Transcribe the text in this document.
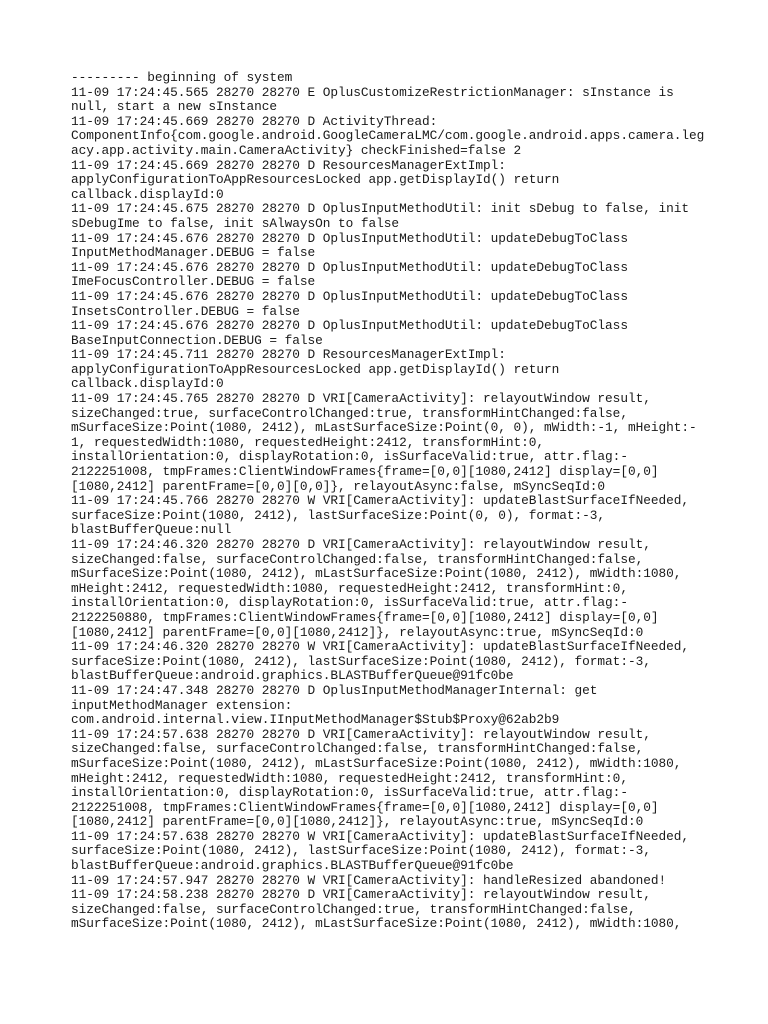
--------- beginning of system
11-09 17:24:45.565 28270 28270 E OplusCustomizeRestrictionManager: sInstance is
null, start a new sInstance
11-09 17:24:45.669 28270 28270 D ActivityThread:
ComponentInfo{com.google.android.GoogleCameraLMC/com.google.android.apps.camera.leg
acy.app.activity.main.CameraActivity} checkFinished=false 2
11-09 17:24:45.669 28270 28270 D ResourcesManagerExtImpl:
applyConfigurationToAppResourcesLocked app.getDisplayId() return
callback.displayId:0
11-09 17:24:45.675 28270 28270 D OplusInputMethodUtil: init sDebug to false, init
sDebugIme to false, init sAlwaysOn to false
11-09 17:24:45.676 28270 28270 D OplusInputMethodUtil: updateDebugToClass
InputMethodManager.DEBUG = false
11-09 17:24:45.676 28270 28270 D OplusInputMethodUtil: updateDebugToClass
ImeFocusController.DEBUG = false
11-09 17:24:45.676 28270 28270 D OplusInputMethodUtil: updateDebugToClass
InsetsController.DEBUG = false
11-09 17:24:45.676 28270 28270 D OplusInputMethodUtil: updateDebugToClass
BaseInputConnection.DEBUG = false
11-09 17:24:45.711 28270 28270 D ResourcesManagerExtImpl:
applyConfigurationToAppResourcesLocked app.getDisplayId() return
callback.displayId:0
11-09 17:24:45.765 28270 28270 D VRI[CameraActivity]: relayoutWindow result,
sizeChanged:true, surfaceControlChanged:true, transformHintChanged:false,
mSurfaceSize:Point(1080, 2412), mLastSurfaceSize:Point(0, 0), mWidth:-1, mHeight:-
1, requestedWidth:1080, requestedHeight:2412, transformHint:0,
installOrientation:0, displayRotation:0, isSurfaceValid:true, attr.flag:-
2122251008, tmpFrames:ClientWindowFrames{frame=[0,0][1080,2412] display=[0,0]
[1080,2412] parentFrame=[0,0][0,0]}, relayoutAsync:false, mSyncSeqId:0
11-09 17:24:45.766 28270 28270 W VRI[CameraActivity]: updateBlastSurfaceIfNeeded,
surfaceSize:Point(1080, 2412), lastSurfaceSize:Point(0, 0), format:-3,
blastBufferQueue:null
11-09 17:24:46.320 28270 28270 D VRI[CameraActivity]: relayoutWindow result,
sizeChanged:false, surfaceControlChanged:false, transformHintChanged:false,
mSurfaceSize:Point(1080, 2412), mLastSurfaceSize:Point(1080, 2412), mWidth:1080,
mHeight:2412, requestedWidth:1080, requestedHeight:2412, transformHint:0,
installOrientation:0, displayRotation:0, isSurfaceValid:true, attr.flag:-
2122250880, tmpFrames:ClientWindowFrames{frame=[0,0][1080,2412] display=[0,0]
[1080,2412] parentFrame=[0,0][1080,2412]}, relayoutAsync:true, mSyncSeqId:0
11-09 17:24:46.320 28270 28270 W VRI[CameraActivity]: updateBlastSurfaceIfNeeded,
surfaceSize:Point(1080, 2412), lastSurfaceSize:Point(1080, 2412), format:-3,
blastBufferQueue:android.graphics.BLASTBufferQueue@91fc0be
11-09 17:24:47.348 28270 28270 D OplusInputMethodManagerInternal: get
inputMethodManager extension:
com.android.internal.view.IInputMethodManager$Stub$Proxy@62ab2b9
11-09 17:24:57.638 28270 28270 D VRI[CameraActivity]: relayoutWindow result,
sizeChanged:false, surfaceControlChanged:false, transformHintChanged:false,
mSurfaceSize:Point(1080, 2412), mLastSurfaceSize:Point(1080, 2412), mWidth:1080,
mHeight:2412, requestedWidth:1080, requestedHeight:2412, transformHint:0,
installOrientation:0, displayRotation:0, isSurfaceValid:true, attr.flag:-
2122251008, tmpFrames:ClientWindowFrames{frame=[0,0][1080,2412] display=[0,0]
[1080,2412] parentFrame=[0,0][1080,2412]}, relayoutAsync:true, mSyncSeqId:0
11-09 17:24:57.638 28270 28270 W VRI[CameraActivity]: updateBlastSurfaceIfNeeded,
surfaceSize:Point(1080, 2412), lastSurfaceSize:Point(1080, 2412), format:-3,
blastBufferQueue:android.graphics.BLASTBufferQueue@91fc0be
11-09 17:24:57.947 28270 28270 W VRI[CameraActivity]: handleResized abandoned!
11-09 17:24:58.238 28270 28270 D VRI[CameraActivity]: relayoutWindow result,
sizeChanged:false, surfaceControlChanged:true, transformHintChanged:false,
mSurfaceSize:Point(1080, 2412), mLastSurfaceSize:Point(1080, 2412), mWidth:1080,
